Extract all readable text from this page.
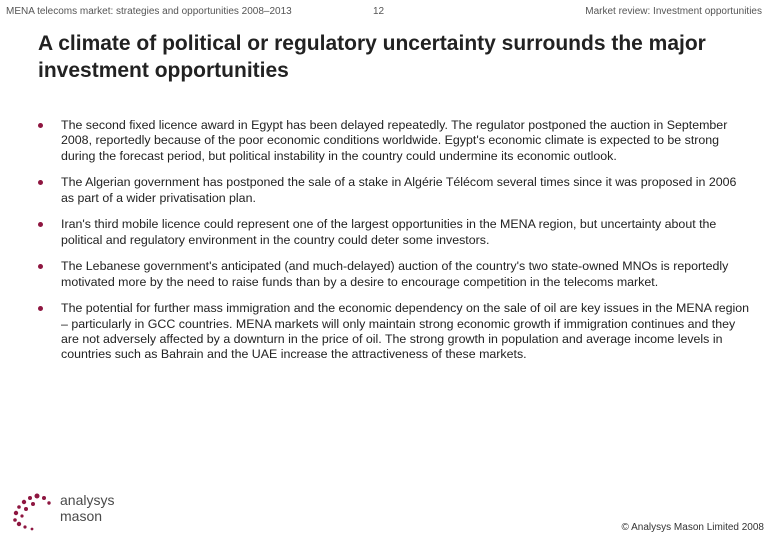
MENA telecoms market: strategies and opportunities 2008–2013	12	Market review: Investment opportunities
A climate of political or regulatory uncertainty surrounds the major investment opportunities
The second fixed licence award in Egypt has been delayed repeatedly. The regulator postponed the auction in September 2008, reportedly because of the poor economic conditions worldwide. Egypt's economic climate is expected to be strong during the forecast period, but political instability in the country could undermine its economic outlook.
The Algerian government has postponed the sale of a stake in Algérie Télécom several times since it was proposed in 2006 as part of a wider privatisation plan.
Iran's third mobile licence could represent one of the largest opportunities in the MENA region, but uncertainty about the political and regulatory environment in the country could deter some investors.
The Lebanese government's anticipated (and much-delayed) auction of the country's two state-owned MNOs is reportedly motivated more by the need to raise funds than by a desire to encourage competition in the telecoms market.
The potential for further mass immigration and the economic dependency on the sale of oil are key issues in the MENA region – particularly in GCC countries. MENA markets will only maintain strong economic growth if immigration continues and they are not adversely affected by a downturn in the price of oil. The strong growth in population and average income levels in countries such as Bahrain and the UAE increase the attractiveness of these markets.
analysys
mason
© Analysys Mason Limited 2008
